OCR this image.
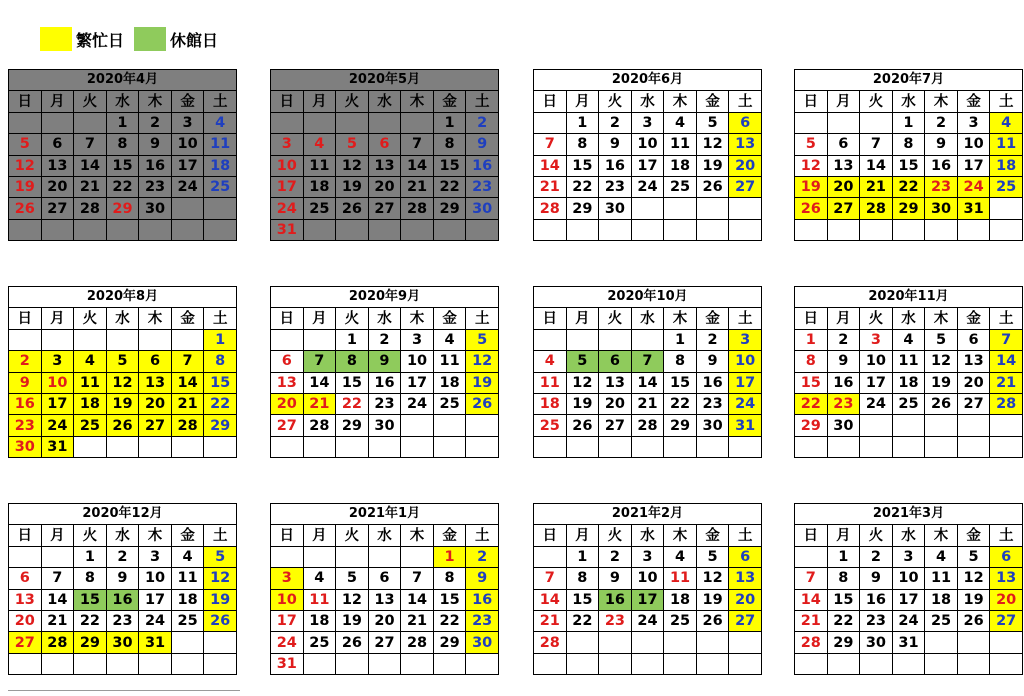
繁忙日	休館日
2020年4月						
日	月	火	水	木	金	土
			1	2	3	4
5	6	7	8	9	10	11
12	13	14	15	16	17	18
19	20	21	22	23	24	25
26	27	28	29	30		

2020年5月						
日	月	火	水	木	金	土
					1	2
3	4	5	6	7	8	9
10	11	12	13	14	15	16
17	18	19	20	21	22	23
24	25	26	27	28	29	30
31						
2020年6月						
日	月	火	水	木	金	土
	1	2	3	4	5	6
7	8	9	10	11	12	13
14	15	16	17	18	19	20
21	22	23	24	25	26	27
28	29	30				

2020年7月						
日	月	火	水	木	金	土
			1	2	3	4
5	6	7	8	9	10	11
12	13	14	15	16	17	18
19	20	21	22	23	24	25
26	27	28	29	30	31	

2020年8月						
日	月	火	水	木	金	土
						1
2	3	4	5	6	7	8
9	10	11	12	13	14	15
16	17	18	19	20	21	22
23	24	25	26	27	28	29
30	31					
2020年9月						
日	月	火	水	木	金	土
		1	2	3	4	5
6	7	8	9	10	11	12
13	14	15	16	17	18	19
20	21	22	23	24	25	26
27	28	29	30			

2020年10月						
日	月	火	水	木	金	土
				1	2	3
4	5	6	7	8	9	10
11	12	13	14	15	16	17
18	19	20	21	22	23	24
25	26	27	28	29	30	31

2020年11月						
日	月	火	水	木	金	土
1	2	3	4	5	6	7
8	9	10	11	12	13	14
15	16	17	18	19	20	21
22	23	24	25	26	27	28
29	30					

2020年12月						
日	月	火	水	木	金	土
		1	2	3	4	5
6	7	8	9	10	11	12
13	14	15	16	17	18	19
20	21	22	23	24	25	26
27	28	29	30	31		

2021年1月						
日	月	火	水	木	金	土
					1	2
3	4	5	6	7	8	9
10	11	12	13	14	15	16
17	18	19	20	21	22	23
24	25	26	27	28	29	30
31						
2021年2月						
日	月	火	水	木	金	土
	1	2	3	4	5	6
7	8	9	10	11	12	13
14	15	16	17	18	19	20
21	22	23	24	25	26	27
28						

2021年3月						
日	月	火	水	木	金	土
	1	2	3	4	5	6
7	8	9	10	11	12	13
14	15	16	17	18	19	20
21	22	23	24	25	26	27
28	29	30	31			
